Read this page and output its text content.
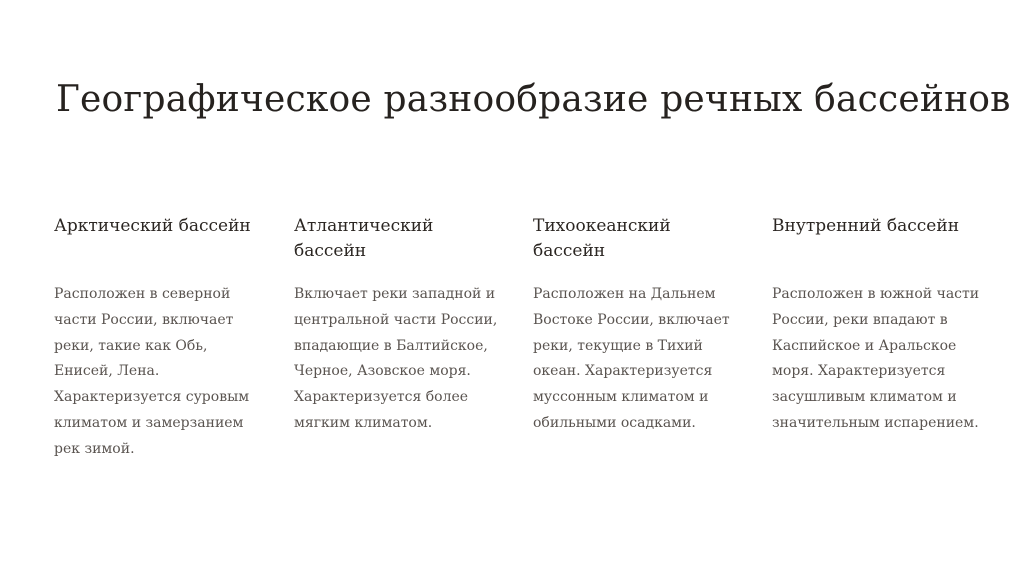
Географическое разнообразие речных бассейнов
Арктический бассейн

Расположен в северной части России, включает реки, такие как Обь, Енисей, Лена. Характеризуется суровым климатом и замерзанием рек зимой.

Атлантический бассейн

Включает реки западной и центральной части России, впадающие в Балтийское, Черное, Азовское моря. Характеризуется более мягким климатом.

Тихоокеанский бассейн

Расположен на Дальнем Востоке России, включает реки, текущие в Тихий океан. Характеризуется муссонным климатом и обильными осадками.

Внутренний бассейн

Расположен в южной части России, реки впадают в Каспийское и Аральское моря. Характеризуется засушливым климатом и значительным испарением.
